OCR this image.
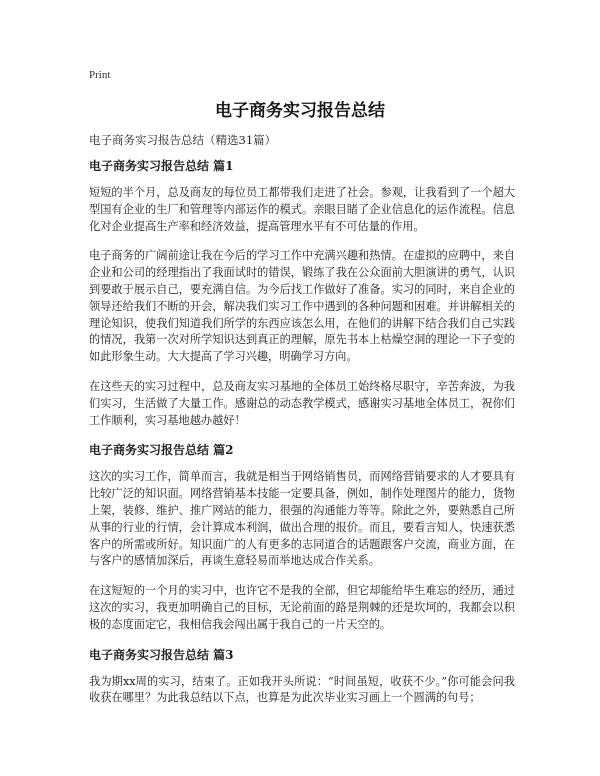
Print
电子商务实习报告总结
电子商务实习报告总结（精选31篇）
电子商务实习报告总结 篇1

短短的半个月，总及商友的每位员工都带我们走进了社会。参观，让我看到了一个超大型国有企业的生厂和管理等内部运作的模式。亲眼目睹了企业信息化的运作流程。信息化对企业提高生产率和经济效益，提高管理水平有不可估量的作用。

电子商务的广阔前途让我在今后的学习工作中充满兴趣和热情。在虚拟的应聘中，来自企业和公司的经理指出了我面试时的错误，锻练了我在公众面前大胆演讲的勇气，认识到要敢于展示自己，要充满自信。为今后找工作做好了准备。实习的同时，来自企业的领导还给我们不断的开会，解决我们实习工作中遇到的各种问题和困难。并讲解相关的理论知识，使我们知道我们所学的东西应该怎么用，在他们的讲解下结合我们自己实践的情况，我第一次对所学知识达到真正的理解，原先书本上枯燥空洞的理论一下子变的如此形象生动。大大提高了学习兴趣，明确学习方向。

在这些天的实习过程中，总及商友实习基地的全体员工始终格尽职守，辛苦奔波，为我们实习，生活做了大量工作。感谢总的动态教学模式，感谢实习基地全体员工，祝你们工作顺利，实习基地越办越好！

电子商务实习报告总结 篇2

这次的实习工作，简单而言，我就是相当于网络销售员，而网络营销要求的人才要具有比较广泛的知识面。网络营销基本技能一定要具备，例如，制作处理图片的能力，货物上架，装修、维护、推广网站的能力，很强的沟通能力等等。除此之外，要熟悉自己所从事的行业的行情，会计算成本利润，做出合理的报价。而且，要看言知人，快速获悉客户的所需或所好。知识面广的人有更多的志同道合的话题跟客户交流，商业方面，在与客户的感情加深后，再谈生意轻易而举地达成合作关系。

在这短短的一个月的实习中，也许它不是我的全部，但它却能给毕生难忘的经历，通过这次的实习，我更加明确自己的目标，无论前面的路是荆棘的还是坎坷的，我都会以积极的态度面定它，我相信我会闯出属于我自己的一片天空的。

电子商务实习报告总结 篇3

我为期xx周的实习，结束了。正如我开头所说：“时间虽短，收获不少。”你可能会问我收获在哪里？为此我总结以下点，也算是为此次毕业实习画上一个圆满的句号；
